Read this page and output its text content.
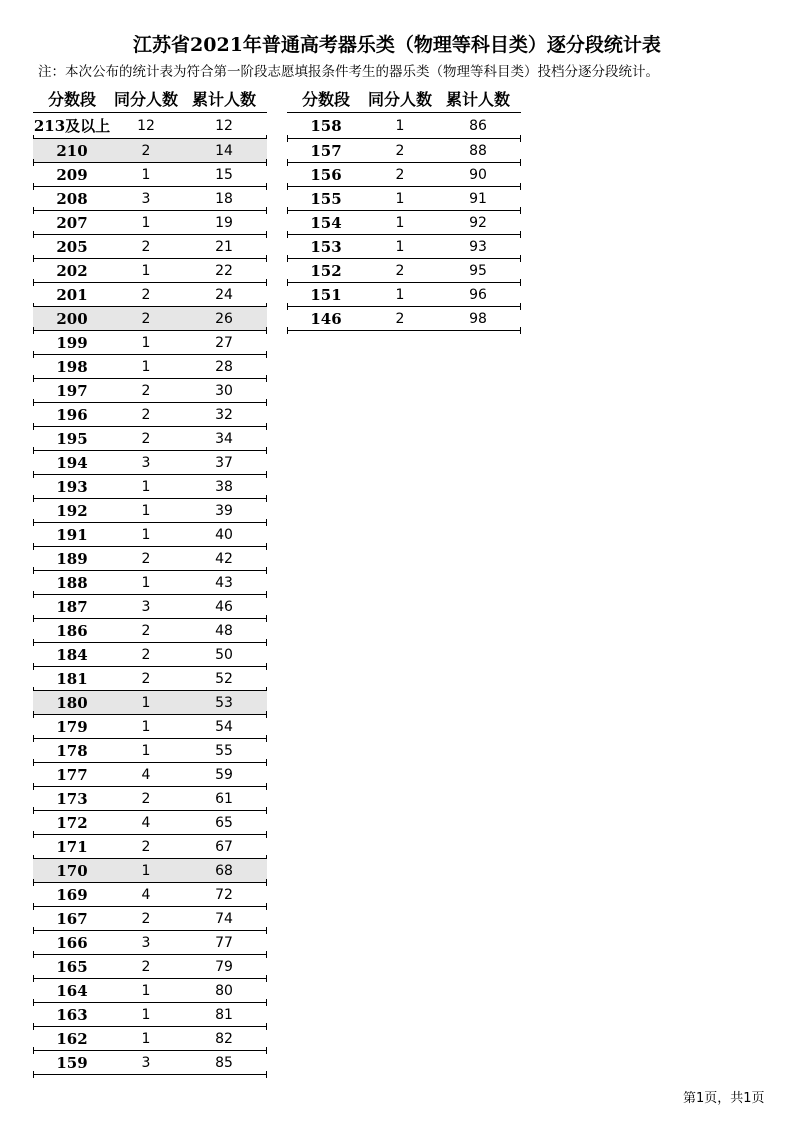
江苏省2021年普通高考器乐类（物理等科目类）逐分段统计表
注：本次公布的统计表为符合第一阶段志愿填报条件考生的器乐类（物理等科目类）投档分逐分段统计。
分数段	同分人数 累计人数
213及以上	12	12
210	2	14
209	1	15
208	3	18
207	1	19
205	2	21
202	1	22
201	2	24
200	2	26
199	1	27
198	1	28
197	2	30
196	2	32
195	2	34
194	3	37
193	1	38
192	1	39
191	1	40
189	2	42
188	1	43
187	3	46
186	2	48
184	2	50
181	2	52
180	1	53
179	1	54
178	1	55
177	4	59
173	2	61
172	4	65
171	2	67
170	1	68
169	4	72
167	2	74
166	3	77
165	2	79
164	1	80
163	1	81
162	1	82
159	3	85
分数段	同分人数 累计人数
158	1	86
157	2	88
156	2	90
155	1	91
154	1	92
153	1	93
152	2	95
151	1	96
146	2	98
第1页，共1页
